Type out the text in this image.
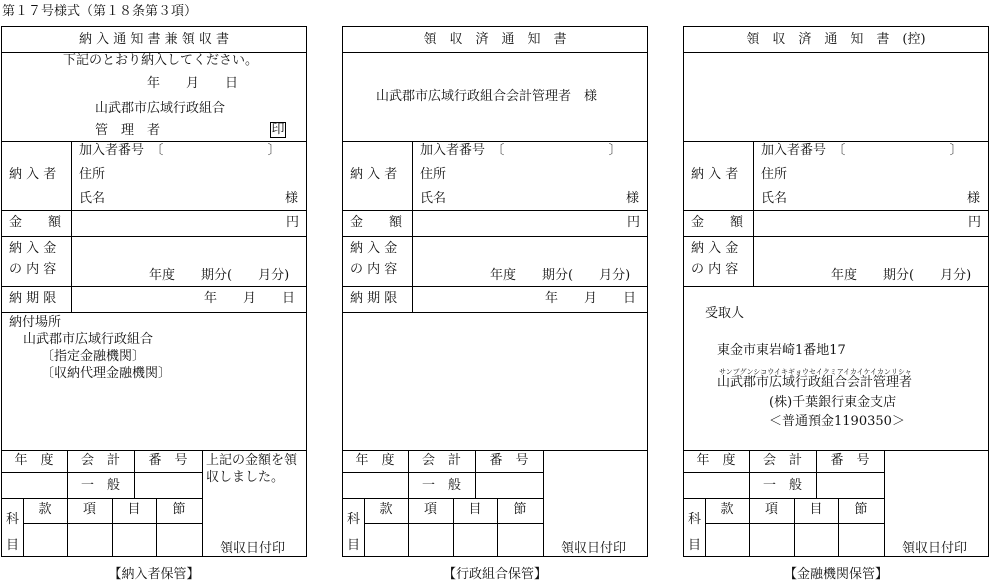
第１７号様式（第１８条第３項）
納 入 通 知 書 兼 領 収 書
下記のとおり納入してください。
年　　月　　日
山武郡市広域行政組合
管　理　者	印
納 入 者
加入者番号　〔　　　　　　　　〕
住所
氏名	様
金　　額	円
納 入 金
の 内 容	年度　　期分(　　月分)
納 期 限	年　　月　　日
納付場所
山武郡市広域行政組合
〔指定金融機関〕
〔収納代理金融機関〕
年　度	会　計	番　号
一　般
上記の金額を領
収しました。
科
目
款	項	目	節
領収日付印
【納入者保管】
領　収　済　通　知　書
山武郡市広域行政組合会計管理者　様
納 入 者
加入者番号　〔　　　　　　　　〕
住所
氏名	様
金　　額	円
納 入 金
の 内 容	年度　　期分(　　月分)
納 期 限	年　　月　　日
年　度	会　計	番　号
一　般
科
目
款	項	目	節
領収日付印
【行政組合保管】
領　収　済　通　知　書　(控)
納 入 者
加入者番号　〔　　　　　　　　〕
住所
氏名	様
金　　額	円
納 入 金
の 内 容	年度　　期分(　　月分)
受取人
東金市東岩崎1番地17
サンブグンシコウイキギョウセイクミアイカイケイカンリシャ
山武郡市広域行政組合会計管理者
(株)千葉銀行東金支店
＜普通預金1190350＞
年　度	会　計	番　号
一　般
科
目
款	項	目	節
領収日付印
【金融機関保管】
